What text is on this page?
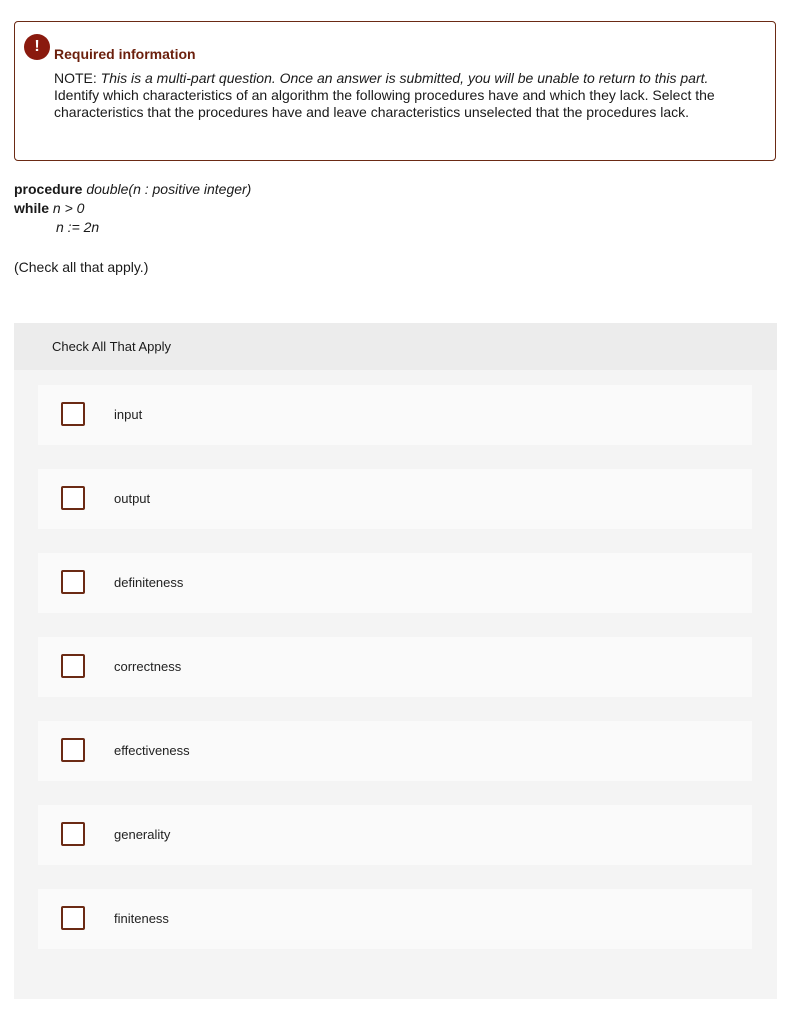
!	Required information
NOTE: This is a multi-part question. Once an answer is submitted, you will be unable to return to this part. Identify which characteristics of an algorithm the following procedures have and which they lack. Select the characteristics that the procedures have and leave characteristics unselected that the procedures lack.
procedure double(n : positive integer)
while n > 0
n := 2n
(Check all that apply.)
Check All That Apply
input
output
definiteness
correctness
effectiveness
generality
finiteness
